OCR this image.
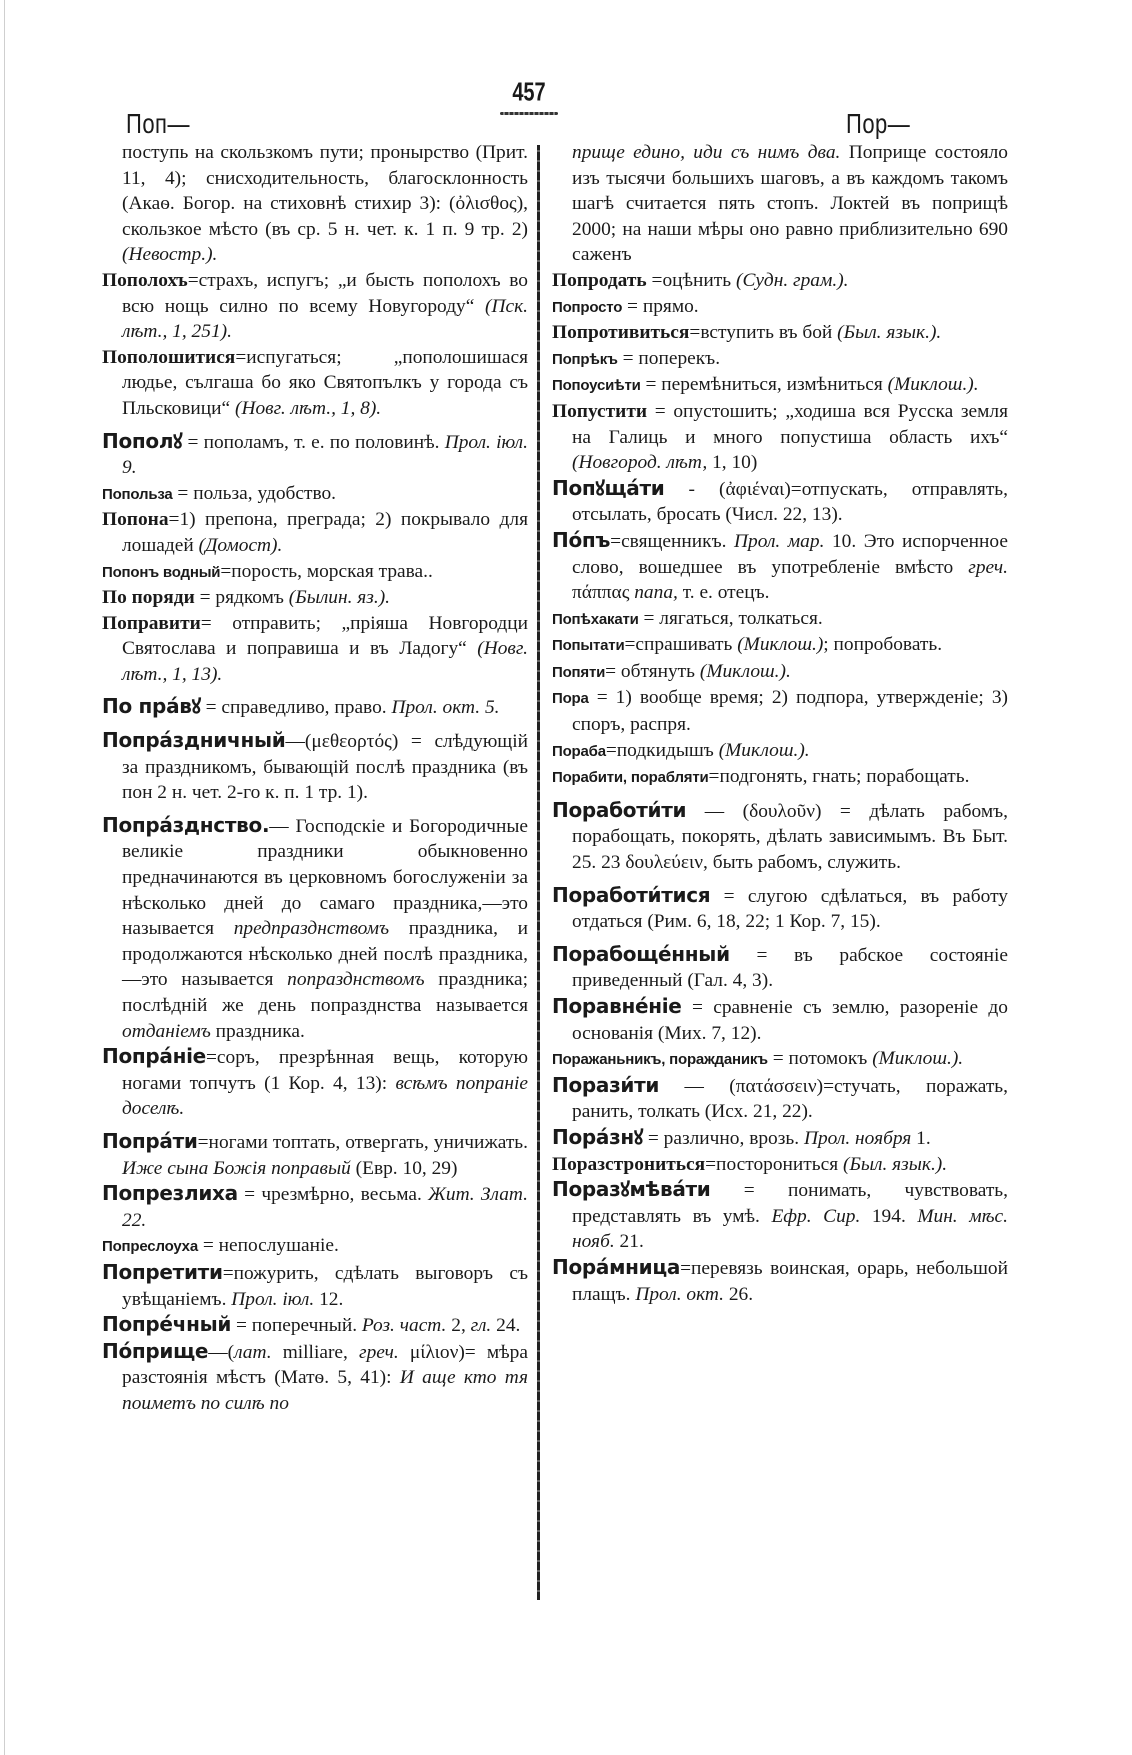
Поп—
457
Пор—

поступь на скользкомъ пути; пронырство (Прит. 11, 4); снисходительность, благосклонность (Акаѳ. Богор. на стиховнѣ стихир 3): (ὀλισθος), скользкое мѣсто (въ ср. 5 н. чет. к. 1 п. 9 тр. 2) (Невостр.).

Пополохъ=страхъ, испугъ; „и бысть пополохъ во всю нощь силно по всему Новугороду“ (Пск. лѣт., 1, 251).

Пополошитися=испугаться; „пополошишася людье, сългаша бо яко Святопълкъ у города съ Пльсковици“ (Новг. лѣт., 1, 8).

Пополꙋ = пополамъ, т. е. по половинѣ. Прол. іюл. 9.

Попольза = польза, удобство.

Попона=1) препона, преграда; 2) покрывало для лошадей (Домост).

Попонъ водный=пoрость, морская трава..

По поряди = рядкомъ (Былин. яз.).

Поправити= отправить; „пріяша Новгородци Святослава и поправиша и въ Ладогу“ (Новг. лѣт., 1, 13).

По прáвꙋ = справедливо, право. Прол. окт. 5.

Попрáздничный—(μεθεορτός) = слѣдующій за праздникомъ, бывающій послѣ праздника (въ пон 2 н. чет. 2-го к. п. 1 тр. 1).

Попрáзднство.— Господскіе и Богородичные великіе праздники обыкновенно предначинаются въ церковномъ богослуженіи за нѣсколько дней до самаго праздника,—это называется предпразднствомъ праздника, и продолжаются нѣсколько дней послѣ праздника,—это называется попразднствомъ праздника; послѣдній же день попразднства называется отданіемъ праздника.

Попрáніе=соръ, презрѣнная вещь, которую ногами топчутъ (1 Кор. 4, 13): всѣмъ попраніе доселѣ.

Попрáти=ногами топтать, отвергать, уничижать. Иже сына Божія поправый (Евр. 10, 29)

Попрезлиха = чрезмѣрно, весьма. Жит. Злат. 22.

Попреслоуха = непослушаніе.

Попретити=пожурить, сдѣлать выговоръ съ увѣщаніемъ. Прол. іюл. 12.

Попрéчный = поперечный. Роз. част. 2, гл. 24.

Пóприще—(лат. milliare, греч. μίλιον)= мѣра разстоянія мѣстъ (Матѳ. 5, 41): И аще кто тя поиметъ по силѣ по

прище едино, иди съ нимъ два. Поприще состояло изъ тысячи большихъ шаговъ, а въ каждомъ такомъ шагѣ считается пять стопъ. Локтей въ поприщѣ 2000; на наши мѣры оно равно приблизительно 690 саженъ

Попродать =оцѣнить (Судн. грам.).

Попросто = прямо.

Попротивиться=вступить въ бой (Был. язык.).

Попрѣкъ = поперекъ.

Попоусиѣти = перемѣниться, измѣниться (Миклош.).

Попустити = опустошить; „ходиша вся Русска земля на Галиць и много попустиша область ихъ“ (Новгород. лѣт, 1, 10)

Попꙋщáти - (ἀφιέναι)=отпускать, отправлять, отсылать, бросать (Числ. 22, 13).

Пóпъ=священникъ. Прол. мар. 10. Это испорченное слово, вошедшее въ употребленіе вмѣсто греч. πάππας папа, т. е. отецъ.

Попѣхакати = лягаться, толкаться.

Попытати=спрашивать (Миклош.); попробовать.

Попяти= обтянуть (Миклош.).

Пора = 1) вообще время; 2) подпора, утвержденіе; 3) споръ, распря.

Пораба=подкидышъ (Миклош.).

Порабити, порабляти=подгонять, гнать; порабощать.

Поработи́ти — (δουλοῦν) = дѣлать рабомъ, порабощать, покорять, дѣлать зависимымъ. Въ Быт. 25. 23 δουλεύειν, быть рабомъ, служить.

Поработи́тися = слугою сдѣлаться, въ работу отдаться (Рим. 6, 18, 22; 1 Кор. 7, 15).

Порабощéнный = въ рабское состояніе приведенный (Гал. 4, 3).

Поравнéніе = сравненіе съ землю, разореніе до основанія (Мих. 7, 12).

Поражаньникъ, поражданикъ = потомокъ (Миклош.).

Порази́ти — (πατάσσειν)=стучать, поражать, ранить, толкать (Исх. 21, 22).

Порáзнꙋ = различно, врозь. Прол. ноября 1.

Поразстрониться=посторониться (Был. язык.).

Поразꙋмѣвáти = понимать, чувствовать, представлять въ умѣ. Ефр. Сир. 194. Мин. мѣс. нояб. 21.

Порáмница=перевязь воинская, орарь, небольшой плащъ. Прол. окт. 26.
